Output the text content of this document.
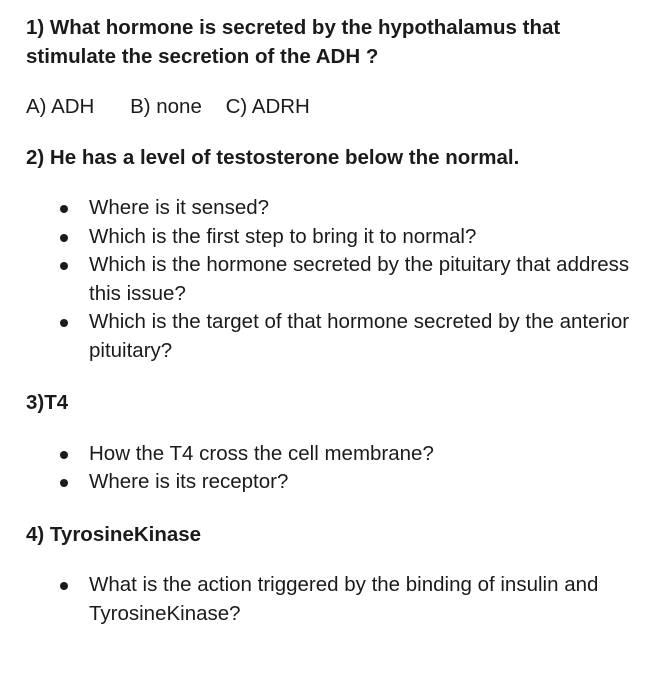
1) What hormone is secreted by the hypothalamus that
stimulate the secretion of the ADH ?

A) ADH B) none C) ADRH

2) He has a level of testosterone below the normal.

Where is it sensed?
Which is the first step to bring it to normal?
Which is the hormone secreted by the pituitary that address this issue?
Which is the target of that hormone secreted by the anterior pituitary?

3)T4

How the T4 cross the cell membrane?
Where is its receptor?

4) TyrosineKinase

What is the action triggered by the binding of insulin and TyrosineKinase?
